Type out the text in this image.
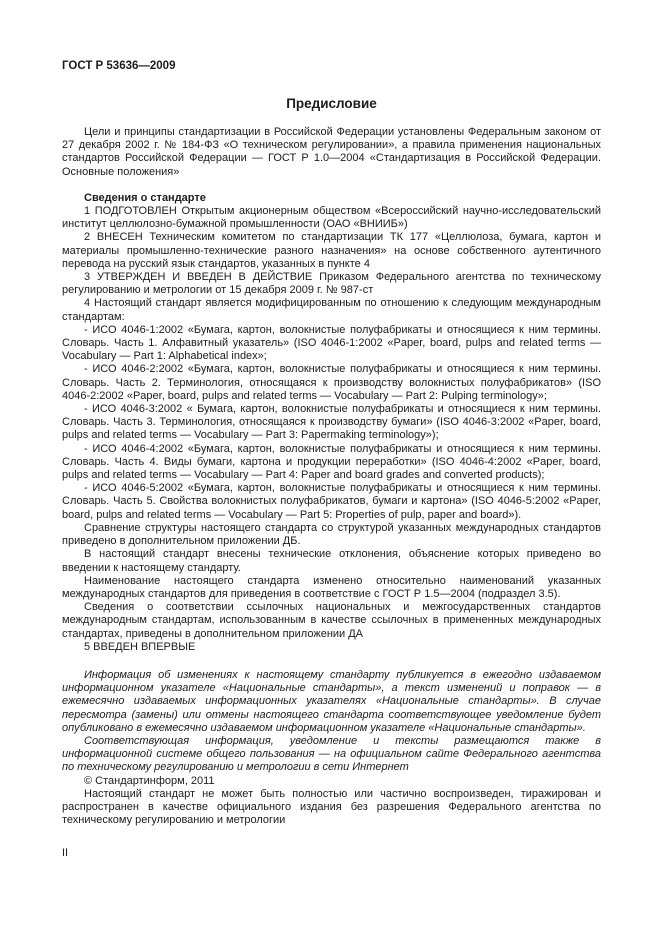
ГОСТ Р 53636—2009
Предисловие

Цели и принципы стандартизации в Российской Федерации установлены Федеральным законом от 27 декабря 2002 г. № 184-ФЗ «О техническом регулировании», а правила применения национальных стандартов Российской Федерации — ГОСТ Р 1.0—2004 «Стандартизация в Российской Федерации. Основные положения»

Сведения о стандарте

1 ПОДГОТОВЛЕН Открытым акционерным обществом «Всероссийский научно-исследовательский институт целлюлозно-бумажной промышленности (ОАО «ВНИИБ»)

2 ВНЕСЕН Техническим комитетом по стандартизации ТК 177 «Целлюлоза, бумага, картон и материалы промышленно-технические разного назначения» на основе собственного аутентичного перевода на русский язык стандартов, указанных в пункте 4

3 УТВЕРЖДЕН И ВВЕДЕН В ДЕЙСТВИЕ Приказом Федерального агентства по техническому регулированию и метрологии от 15 декабря 2009 г. № 987-ст

4 Настоящий стандарт является модифицированным по отношению к следующим международным стандартам:

- ИСО 4046-1:2002 «Бумага, картон, волокнистые полуфабрикаты и относящиеся к ним термины. Словарь. Часть 1. Алфавитный указатель» (ISO 4046-1:2002 «Paper, board, pulps and related terms — Vocabulary — Part 1: Alphabetical index»;

- ИСО 4046-2:2002 «Бумага, картон, волокнистые полуфабрикаты и относящиеся к ним термины. Словарь. Часть 2. Терминология, относящаяся к производству волокнистых полуфабрикатов» (ISO 4046-2:2002 «Paper, board, pulps and related terms — Vocabulary — Part 2: Pulping terminology»;

- ИСО 4046-3:2002 « Бумага, картон, волокнистые полуфабрикаты и относящиеся к ним термины. Словарь. Часть 3. Терминология, относящаяся к производству бумаги» (ISO 4046-3:2002 «Paper, board, pulps and related terms — Vocabulary — Part 3: Papermaking terminology»);

- ИСО 4046-4:2002 «Бумага, картон, волокнистые полуфабрикаты и относящиеся к ним термины. Словарь. Часть 4. Виды бумаги, картона и продукции переработки» (ISO 4046-4:2002 «Paper, board, pulps and related terms — Vocabulary — Part 4: Paper and board grades and converted products);

- ИСО 4046-5:2002 «Бумага, картон, волокнистые полуфабрикаты и относящиеся к ним термины. Словарь. Часть 5. Свойства волокнистых полуфабрикатов, бумаги и картона» (ISO 4046-5:2002 «Paper, board, pulps and related terms — Vocabulary — Part 5: Properties of pulp, paper and board»).

Сравнение структуры настоящего стандарта со структурой указанных международных стандартов приведено в дополнительном приложении ДБ.

В настоящий стандарт внесены технические отклонения, объяснение которых приведено во введении к настоящему стандарту.

Наименование настоящего стандарта изменено относительно наименований указанных международных стандартов для приведения в соответствие с ГОСТ Р 1.5—2004 (подраздел 3.5).

Сведения о соответствии ссылочных национальных и межгосударственных стандартов международным стандартам, использованным в качестве ссылочных в примененных международных стандартах, приведены в дополнительном приложении ДА

5 ВВЕДЕН ВПЕРВЫЕ

Информация об изменениях к настоящему стандарту публикуется в ежегодно издаваемом информационном указателе «Национальные стандарты», а текст изменений и поправок — в ежемесячно издаваемых информационных указателях «Национальные стандарты». В случае пересмотра (замены) или отмены настоящего стандарта соответствующее уведомление будет опубликовано в ежемесячно издаваемом информационном указателе «Национальные стандарты».

Соответствующая информация, уведомление и тексты размещаются также в информационной системе общего пользования — на официальном сайте Федерального агентства по техническому регулированию и метрологии в сети Интернет

© Стандартинформ, 2011

Настоящий стандарт не может быть полностью или частично воспроизведен, тиражирован и распространен в качестве официального издания без разрешения Федерального агентства по техническому регулированию и метрологии

II
